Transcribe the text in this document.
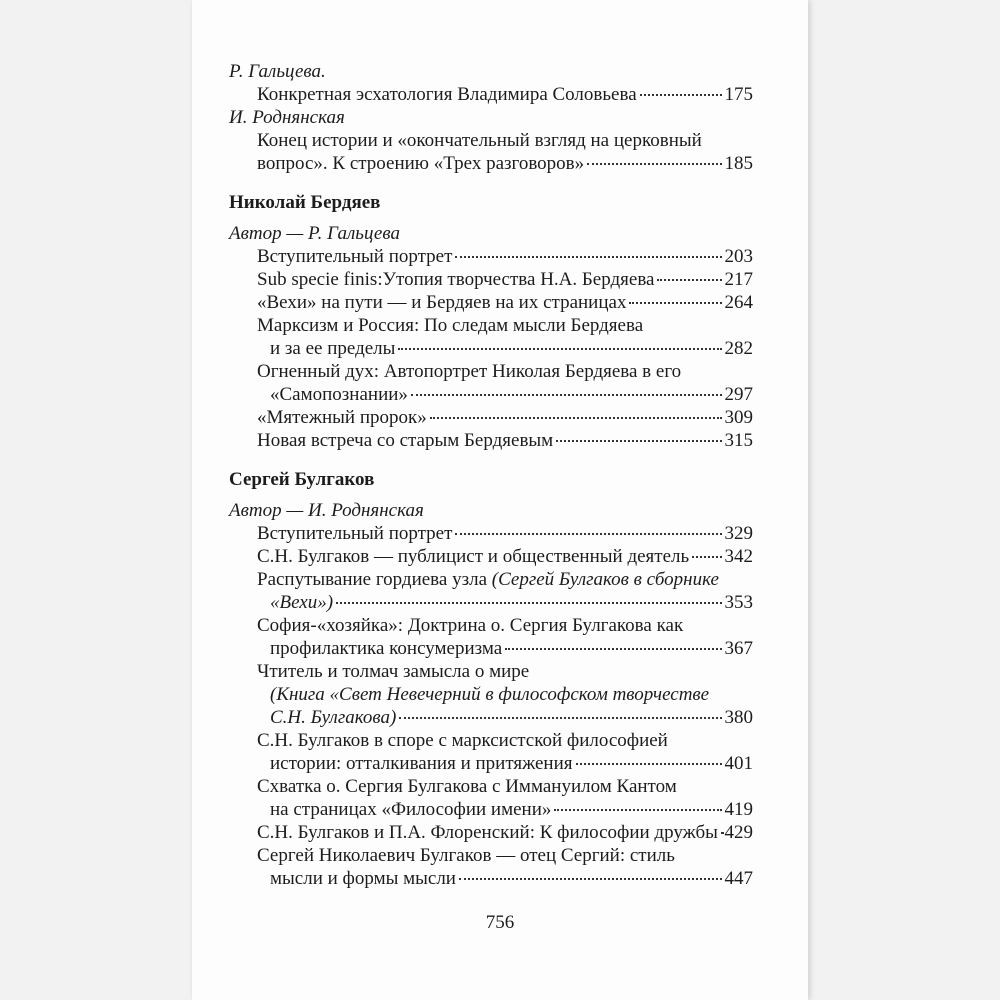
Р. Гальцева.
Конкретная эсхатология Владимира Соловьева	175
И. Роднянская
Конец истории и «окончательный взгляд на церковный
вопрос». К строению «Трех разговоров»	185
Николай Бердяев
Автор — Р. Гальцева
Вступительный портрет	203
Sub specie finis:Утопия творчества Н.А. Бердяева	217
«Вехи» на пути — и Бердяев на их страницах	264
Марксизм и Россия: По следам мысли Бердяева
и за ее пределы	282
Огненный дух: Автопортрет Николая Бердяева в его
«Самопознании»	297
«Мятежный пророк»	309
Новая встреча со старым Бердяевым	315
Сергей Булгаков
Автор — И. Роднянская
Вступительный портрет	329
С.Н. Булгаков — публицист и общественный деятель 342
Распутывание гордиева узла (Сергей Булгаков в сборнике
«Вехи»)	353
София-«хозяйка»: Доктрина о. Сергия Булгакова как
профилактика консумеризма	367
Чтитель и толмач замысла о мире
(Книга «Свет Невечерний в философском творчестве
С.Н. Булгакова)	380
С.Н. Булгаков в споре с марксистской философией
истории: отталкивания и притяжения	401
Схватка о. Сергия Булгакова с Иммануилом Кантом
на страницах «Философии имени»	419
С.Н. Булгаков и П.А. Флоренский: К философии дружбы 429
Сергей Николаевич Булгаков — отец Сергий: стиль
мысли и формы мысли	447
756
